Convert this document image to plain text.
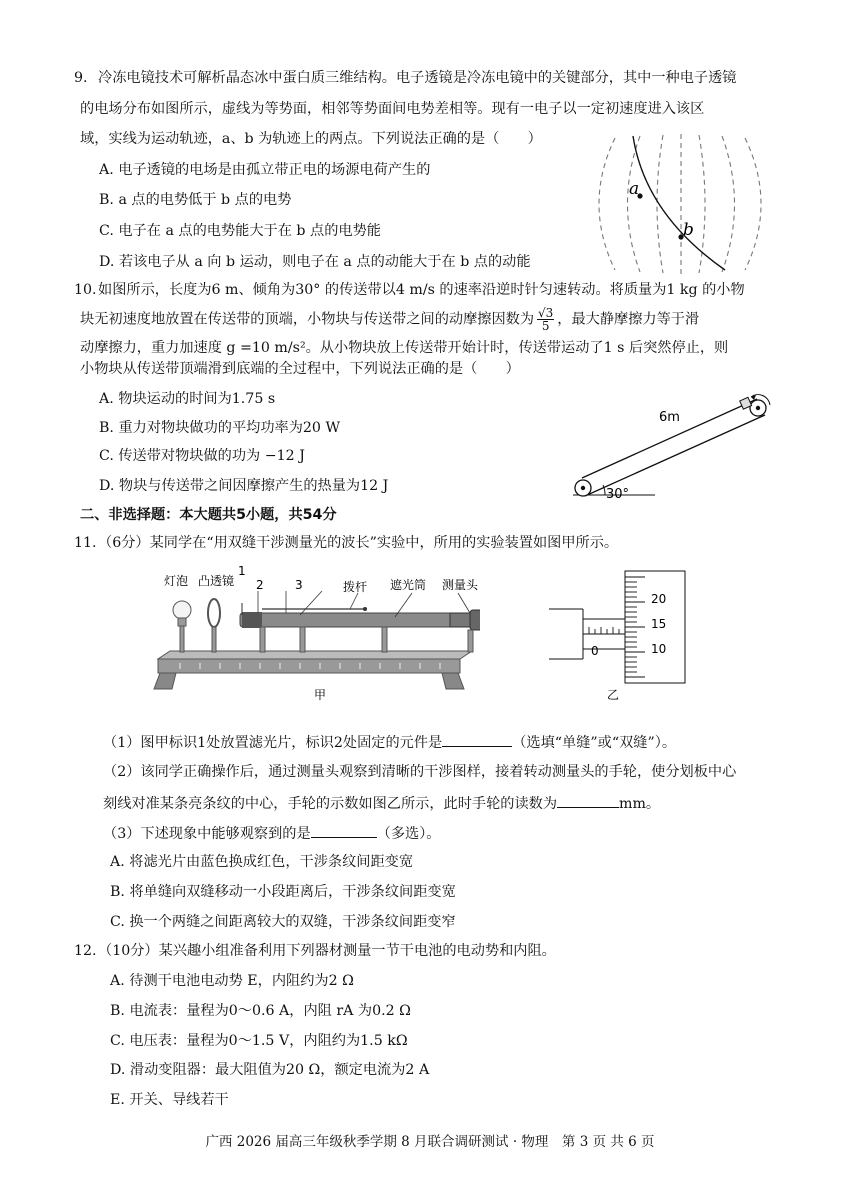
9. 冷冻电镜技术可解析晶态冰中蛋白质三维结构。电子透镜是冷冻电镜中的关键部分，其中一种电子透镜
的电场分布如图所示，虚线为等势面，相邻等势面间电势差相等。现有一电子以一定初速度进入该区
域，实线为运动轨迹，a、b 为轨迹上的两点。下列说法正确的是（　　）
A. 电子透镜的电场是由孤立带正电的场源电荷产生的
B. a 点的电势低于 b 点的电势
C. 电子在 a 点的电势能大于在 b 点的电势能
D. 若该电子从 a 向 b 运动，则电子在 a 点的动能大于在 b 点的动能
a
b
10. 如图所示，长度为6 m、倾角为30° 的传送带以4 m/s 的速率沿逆时针匀速转动。将质量为1 kg 的小物
块无初速度地放置在传送带的顶端，小物块与传送带之间的动摩擦因数为 $\frac{√3}{5}$ ，最大静摩擦力等于滑
动摩擦力，重力加速度 g =10 m/s²。从小物块放上传送带开始计时，传送带运动了1 s 后突然停止，则
小物块从传送带顶端滑到底端的全过程中，下列说法正确的是（　　）
A. 物块运动的时间为1.75 s
B. 重力对物块做功的平均功率为20 W
C. 传送带对物块做的功为 −12 J
D. 物块与传送带之间因摩擦产生的热量为12 J
30°
6m
二、非选择题：本大题共5小题，共54分
11. （6分）某同学在“用双缝干涉测量光的波长”实验中，所用的实验装置如图甲所示。
灯泡 凸透镜
1
2	3	拨杆 遮光筒 测量头
甲
20
15
10
0
乙
（1）图甲标识1处放置滤光片，标识2处固定的元件是	（选填“单缝”或“双缝”）。
（2）该同学正确操作后，通过测量头观察到清晰的干涉图样，接着转动测量头的手轮，使分划板中心
刻线对准某条亮条纹的中心，手轮的示数如图乙所示，此时手轮的读数为	mm。
（3）下述现象中能够观察到的是	（多选）。
A. 将滤光片由蓝色换成红色，干涉条纹间距变宽
B. 将单缝向双缝移动一小段距离后，干涉条纹间距变宽
C. 换一个两缝之间距离较大的双缝，干涉条纹间距变窄
12. （10分）某兴趣小组准备利用下列器材测量一节干电池的电动势和内阻。
A. 待测干电池电动势 E，内阻约为2 Ω
B. 电流表：量程为0～0.6 A，内阻 rA 为0.2 Ω
C. 电压表：量程为0～1.5 V，内阻约为1.5 kΩ
D. 滑动变阻器：最大阻值为20 Ω，额定电流为2 A
E. 开关、导线若干
广西 2026 届高三年级秋季学期 8 月联合调研测试 · 物理　第 3 页 共 6 页
